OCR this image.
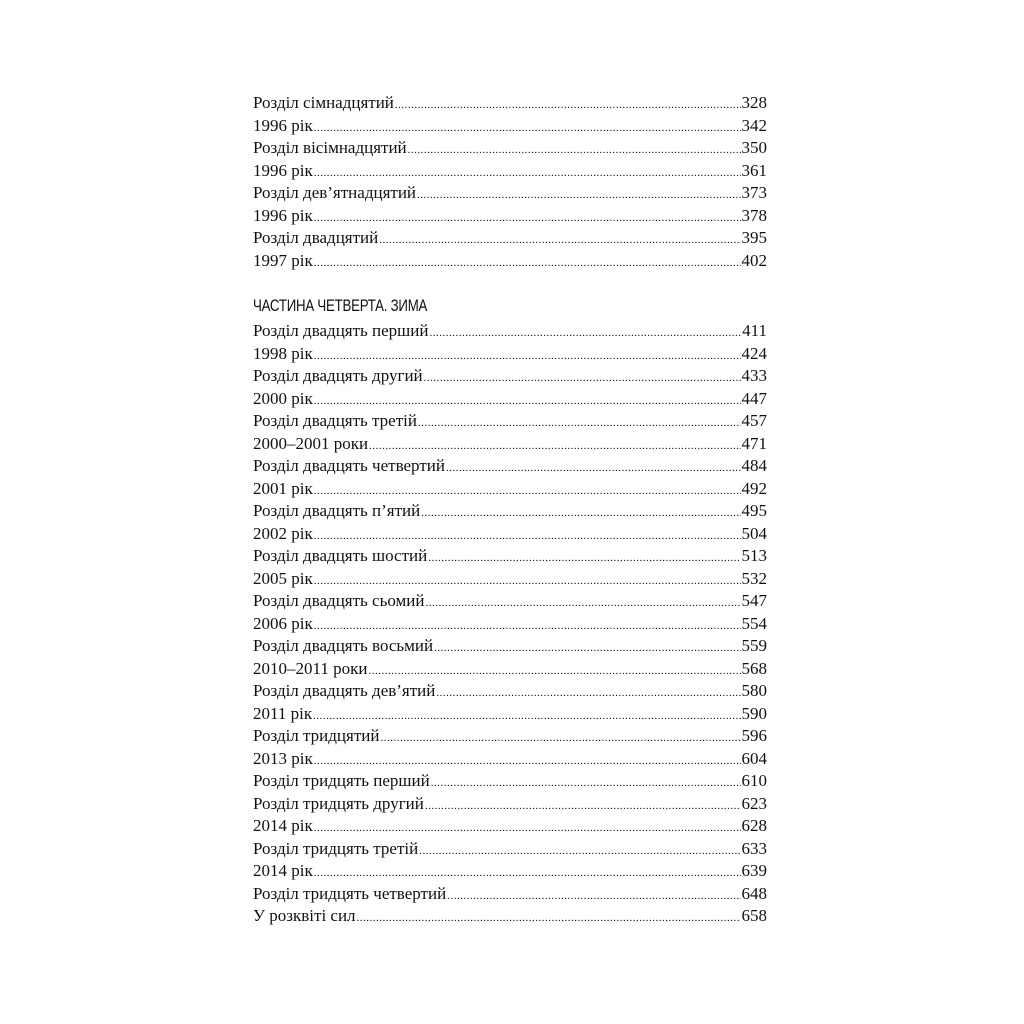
Розділ сімнадцятий .....	328
1996 рік .....	342
Розділ вісімнадцятий .....	350
1996 рік .....	361
Розділ дев’ятнадцятий .....	373
1996 рік .....	378
Розділ двадцятий .....	395
1997 рік .....	402
ЧАСТИНА ЧЕТВЕРТА. ЗИМА
Розділ двадцять перший .....	411
1998 рік .....	424
Розділ двадцять другий .....	433
2000 рік .....	447
Розділ двадцять третій .....	457
2000–2001 роки .....	471
Розділ двадцять четвертий .....	484
2001 рік .....	492
Розділ двадцять п’ятий .....	495
2002 рік .....	504
Розділ двадцять шостий .....	513
2005 рік .....	532
Розділ двадцять сьомий .....	547
2006 рік .....	554
Розділ двадцять восьмий .....	559
2010–2011 роки .....	568
Розділ двадцять дев’ятий .....	580
2011 рік .....	590
Розділ тридцятий .....	596
2013 рік .....	604
Розділ тридцять перший .....	610
Розділ тридцять другий .....	623
2014 рік .....	628
Розділ тридцять третій .....	633
2014 рік .....	639
Розділ тридцять четвертий .....	648
У розквіті сил .....	658
